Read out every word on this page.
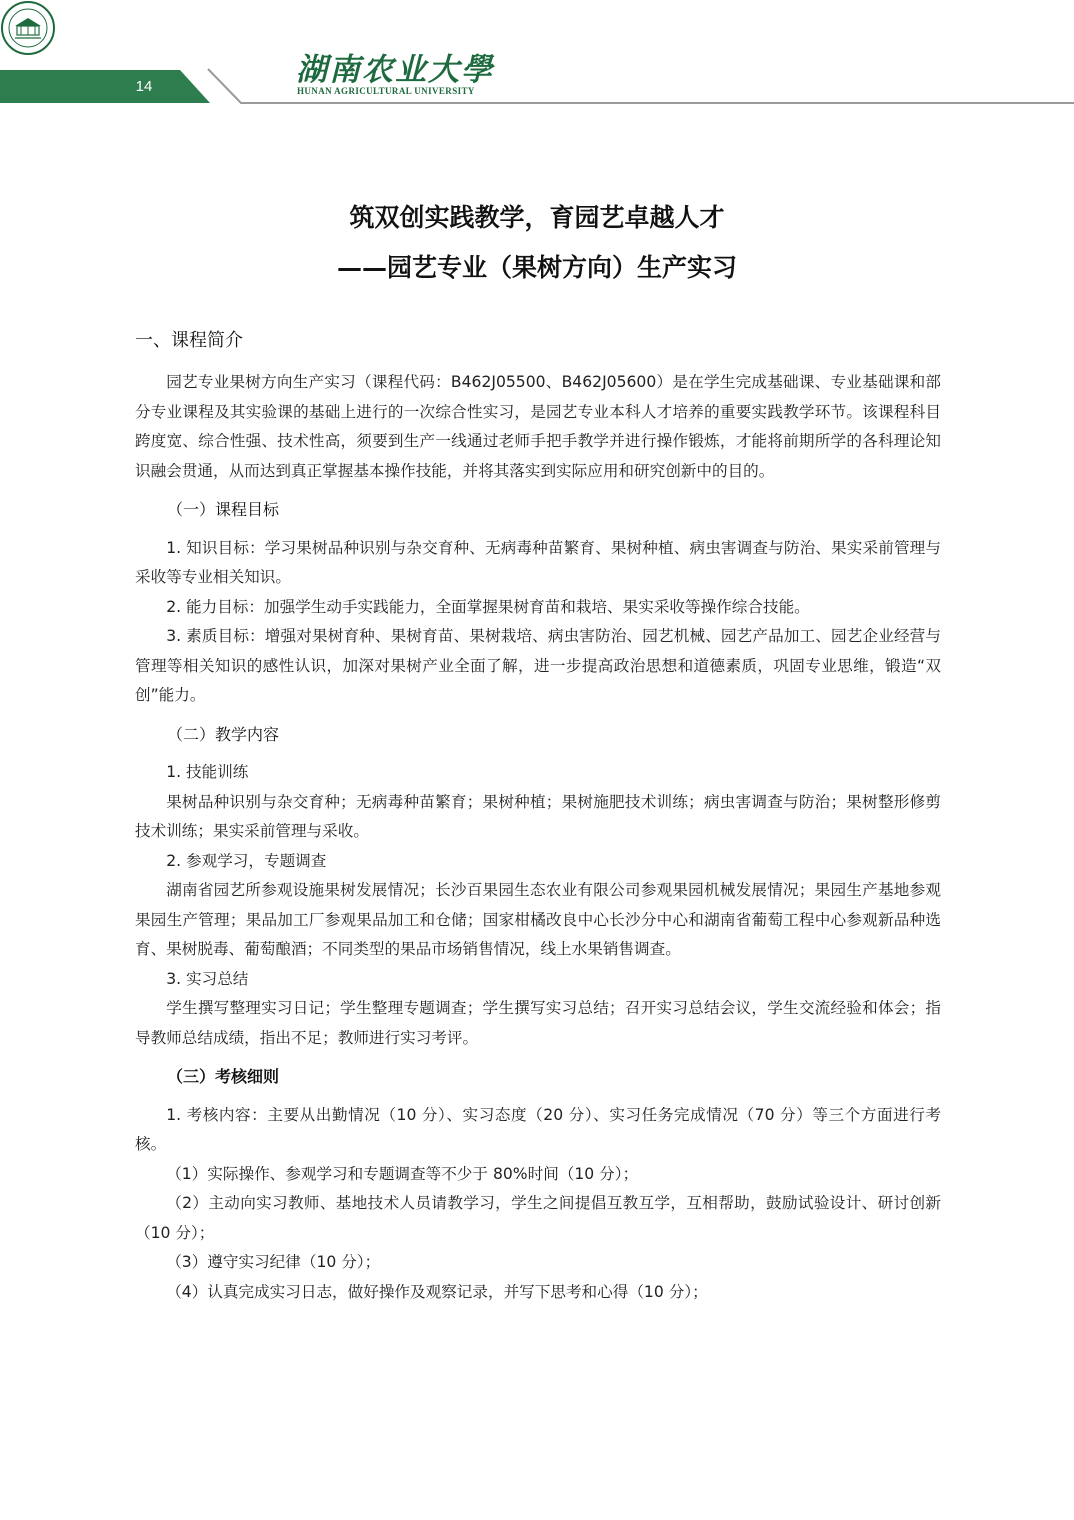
14	湖南农业大學
HUNAN AGRICULTURAL UNIVERSITY
筑双创实践教学，育园艺卓越人才
——园艺专业（果树方向）生产实习
一、课程简介

园艺专业果树方向生产实习（课程代码：B462J05500、B462J05600）是在学生完成基础课、专业基础课和部分专业课程及其实验课的基础上进行的一次综合性实习，是园艺专业本科人才培养的重要实践教学环节。该课程科目跨度宽、综合性强、技术性高，须要到生产一线通过老师手把手教学并进行操作锻炼，才能将前期所学的各科理论知识融会贯通，从而达到真正掌握基本操作技能，并将其落实到实际应用和研究创新中的目的。

（一）课程目标

1. 知识目标：学习果树品种识别与杂交育种、无病毒种苗繁育、果树种植、病虫害调查与防治、果实采前管理与采收等专业相关知识。

2. 能力目标：加强学生动手实践能力，全面掌握果树育苗和栽培、果实采收等操作综合技能。

3. 素质目标：增强对果树育种、果树育苗、果树栽培、病虫害防治、园艺机械、园艺产品加工、园艺企业经营与管理等相关知识的感性认识，加深对果树产业全面了解，进一步提高政治思想和道德素质，巩固专业思维，锻造“双创”能力。

（二）教学内容

1. 技能训练

果树品种识别与杂交育种；无病毒种苗繁育；果树种植；果树施肥技术训练；病虫害调查与防治；果树整形修剪技术训练；果实采前管理与采收。

2. 参观学习，专题调查

湖南省园艺所参观设施果树发展情况；长沙百果园生态农业有限公司参观果园机械发展情况；果园生产基地参观果园生产管理；果品加工厂参观果品加工和仓储；国家柑橘改良中心长沙分中心和湖南省葡萄工程中心参观新品种选育、果树脱毒、葡萄酿酒；不同类型的果品市场销售情况，线上水果销售调查。

3. 实习总结

学生撰写整理实习日记；学生整理专题调查；学生撰写实习总结；召开实习总结会议，学生交流经验和体会；指导教师总结成绩，指出不足；教师进行实习考评。

（三）考核细则

1. 考核内容：主要从出勤情况（10 分）、实习态度（20 分）、实习任务完成情况（70 分）等三个方面进行考核。

（1）实际操作、参观学习和专题调查等不少于 80%时间（10 分）；

（2）主动向实习教师、基地技术人员请教学习，学生之间提倡互教互学，互相帮助，鼓励试验设计、研讨创新（10 分）；

（3）遵守实习纪律（10 分）；

（4）认真完成实习日志，做好操作及观察记录，并写下思考和心得（10 分）；
